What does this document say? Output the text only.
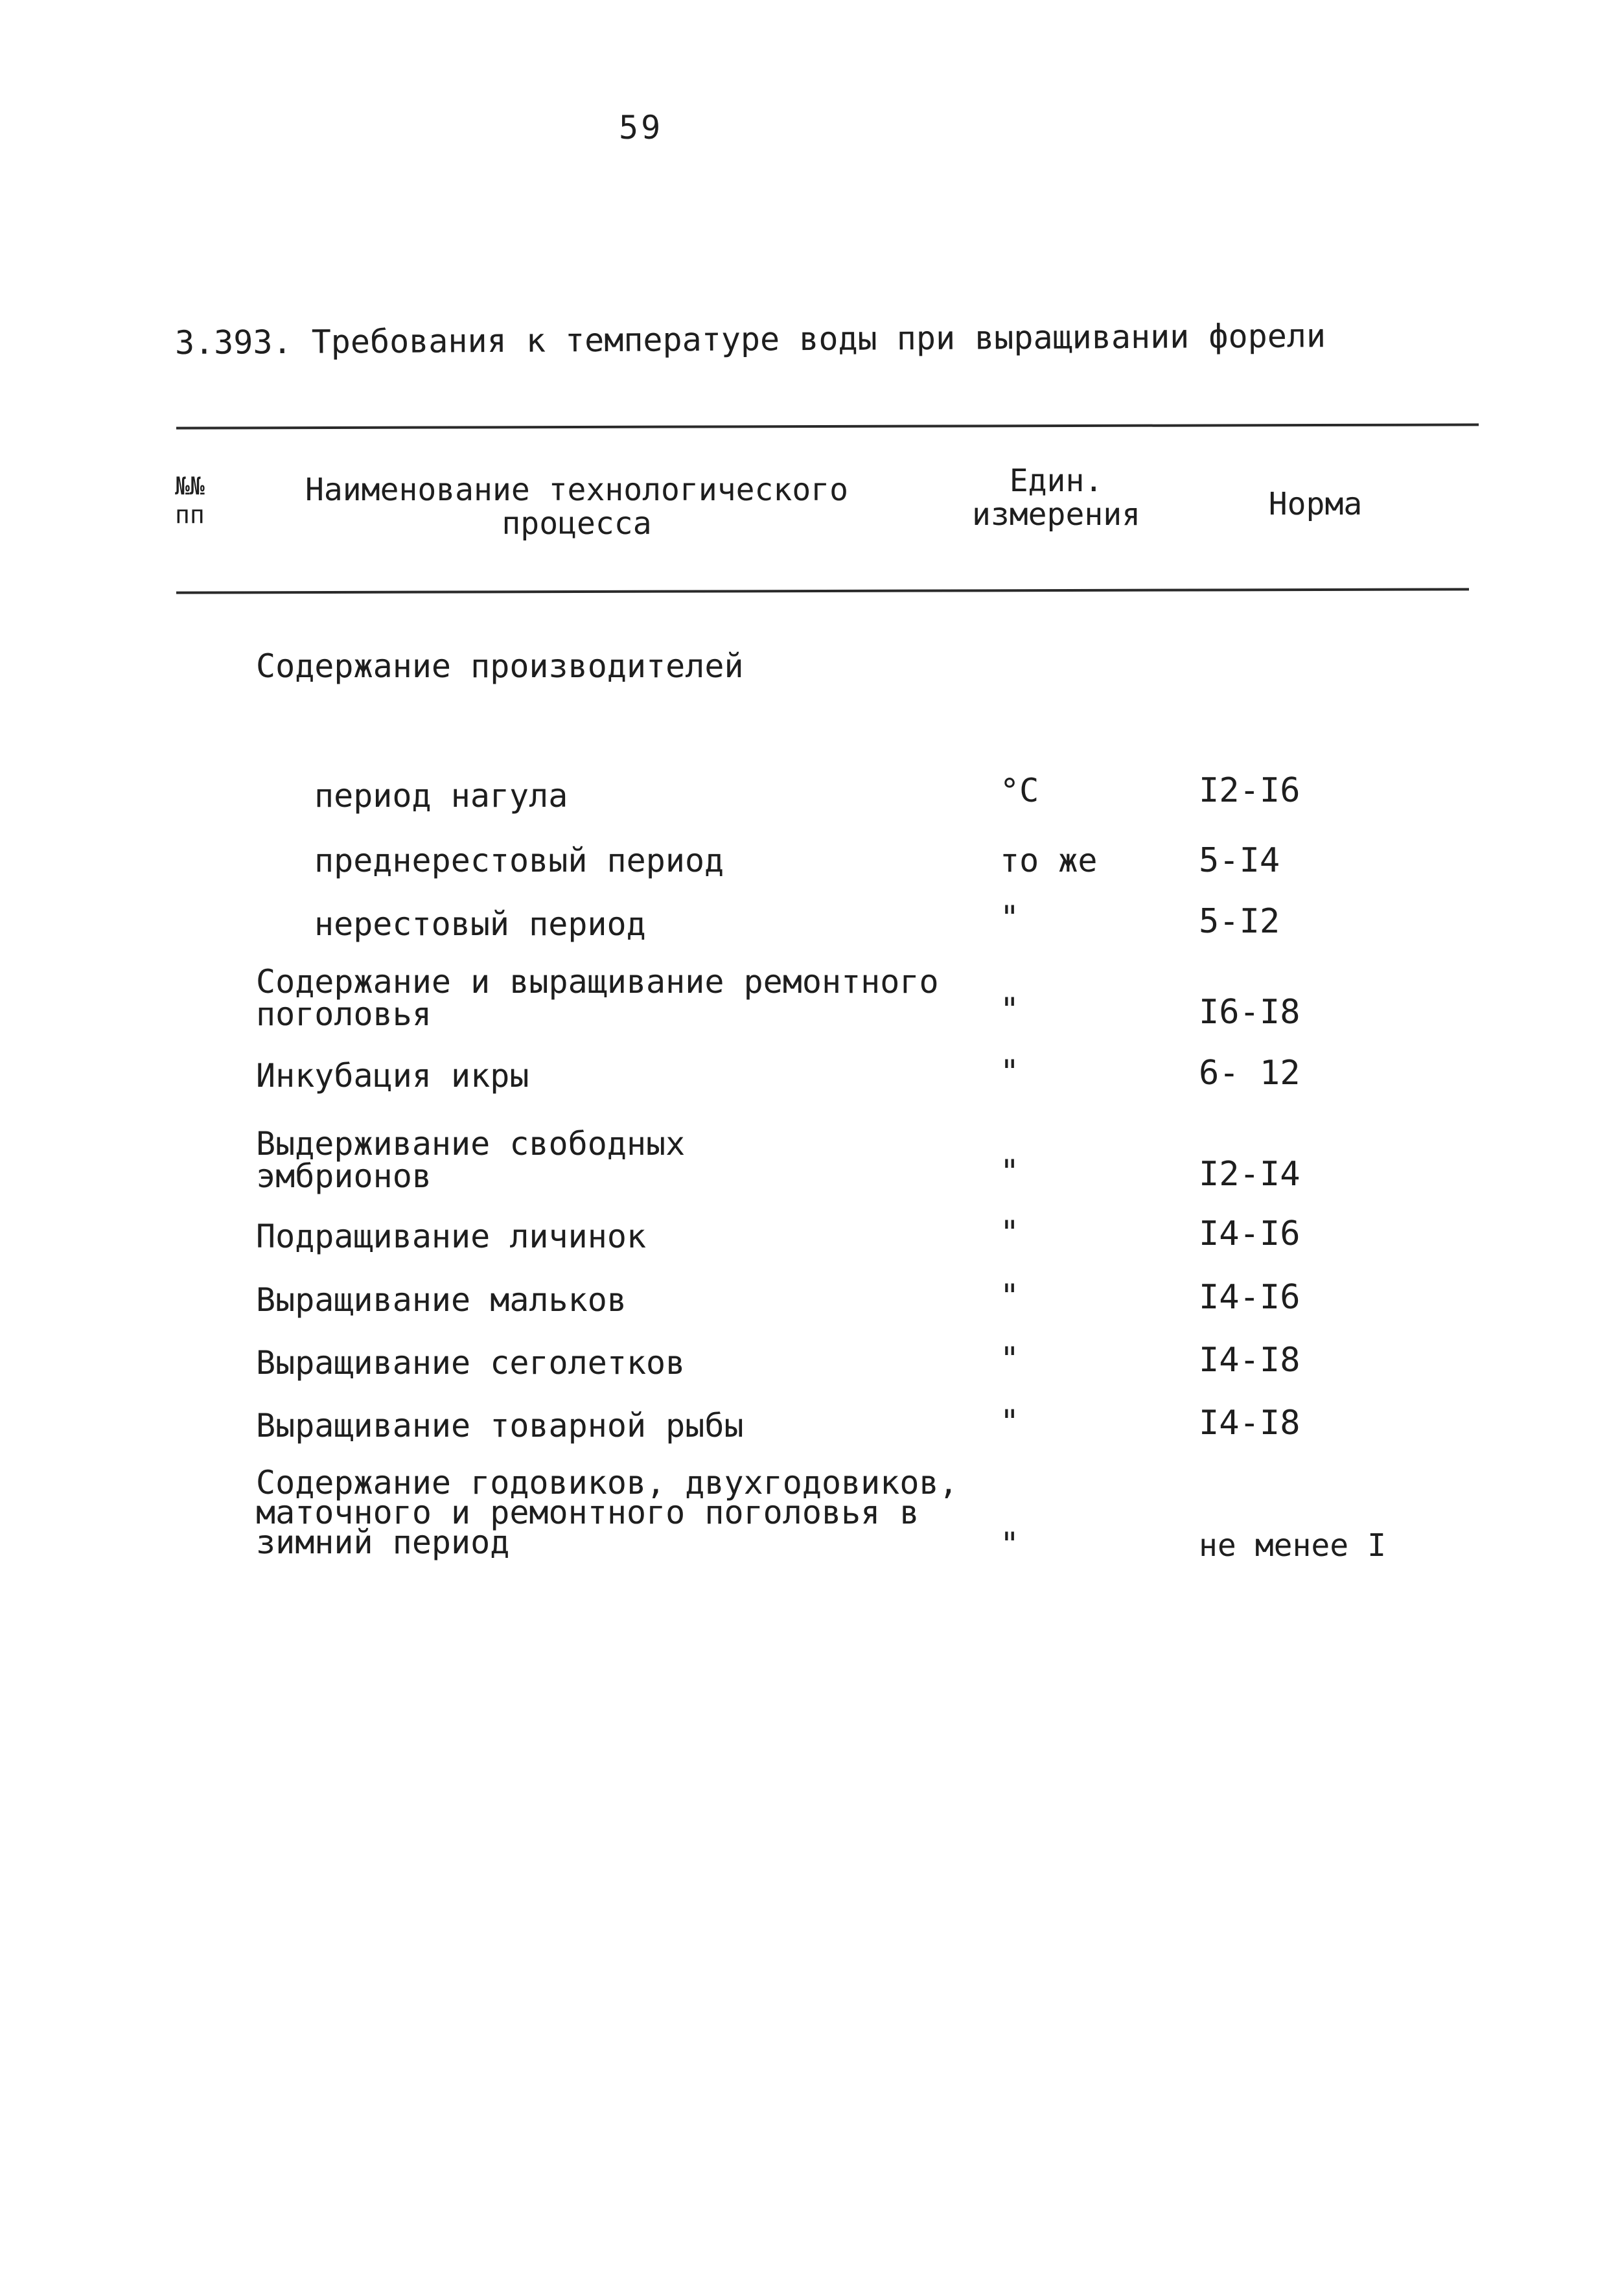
59
3.393. Требования к температуре воды при выращивании форели
№№
пп
Наименование технологического
процесса
Един.
измерения	Норма
Содержание производителей
период нагула	°С	I2-I6
преднерестовый период	то же	5-I4
нерестовый период	"	5-I2
Содержание и выращивание ремонтного
поголовья	"	I6-I8
Инкубация икры	"	6- 12
Выдерживание свободных
эмбрионов	"	I2-I4
Подращивание личинок	"	I4-I6
Выращивание мальков	"	I4-I6
Выращивание сеголетков	"	I4-I8
Выращивание товарной рыбы	"	I4-I8
Содержание годовиков, двухгодовиков,
маточного и ремонтного поголовья в
зимний период	"	не менее I
